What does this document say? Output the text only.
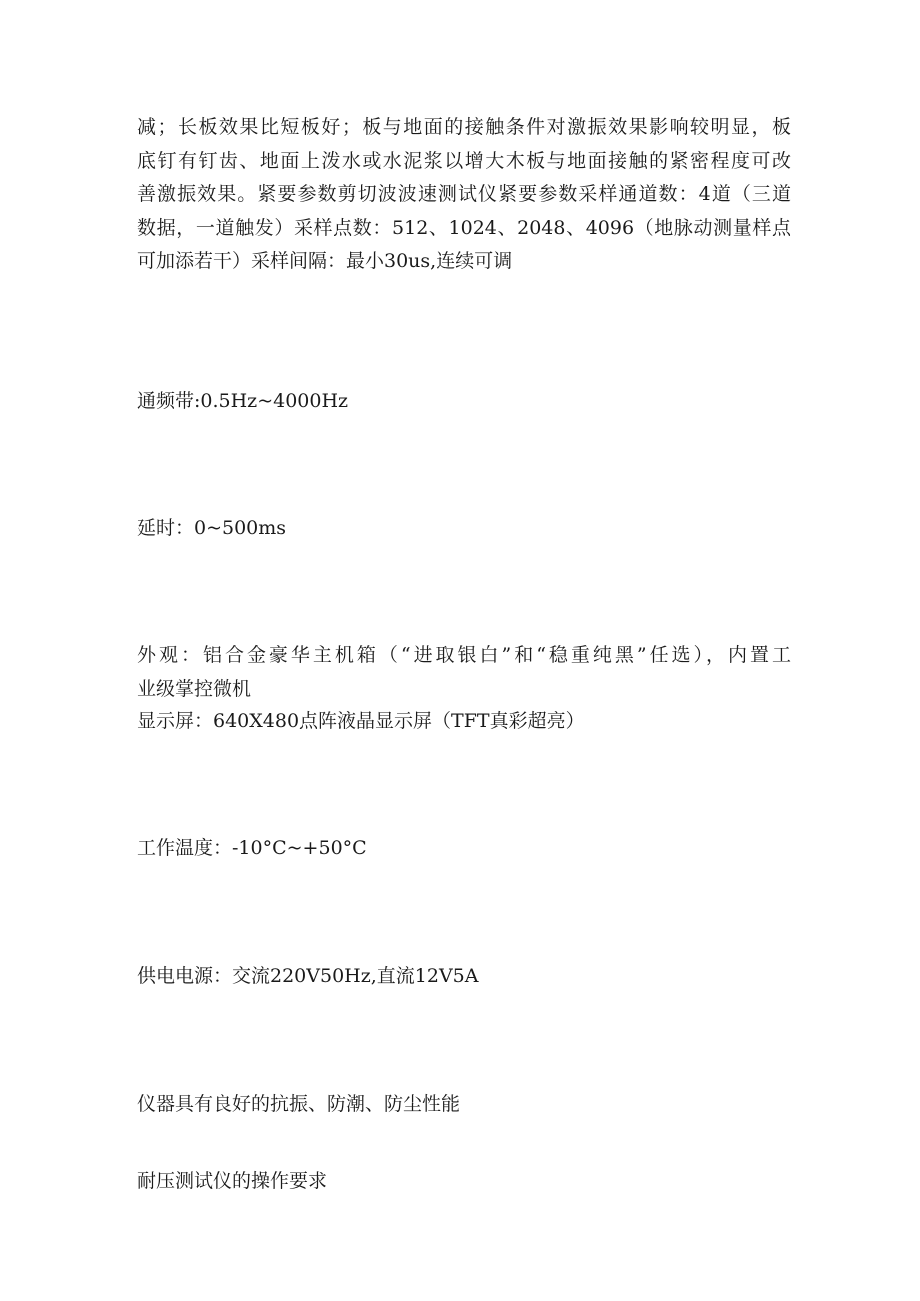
减；长板效果比短板好；板与地面的接触条件对激振效果影响较明显，板
底钉有钉齿、地面上泼水或水泥浆以增大木板与地面接触的紧密程度可改
善激振效果。紧要参数剪切波波速测试仪紧要参数采样通道数：4道（三道
数据，一道触发）采样点数：512、1024、2048、4096（地脉动测量样点
可加添若干）采样间隔：最小30us,连续可调
通频带:0.5Hz~4000Hz
延时：0~500ms
外观：铝合金豪华主机箱（“进取银白”和“稳重纯黑”任选），内置工
业级掌控微机
显示屏：640X480点阵液晶显示屏（TFT真彩超亮）
工作温度：-10°C~+50°C
供电电源：交流220V50Hz,直流12V5A
仪器具有良好的抗振、防潮、防尘性能
耐压测试仪的操作要求
